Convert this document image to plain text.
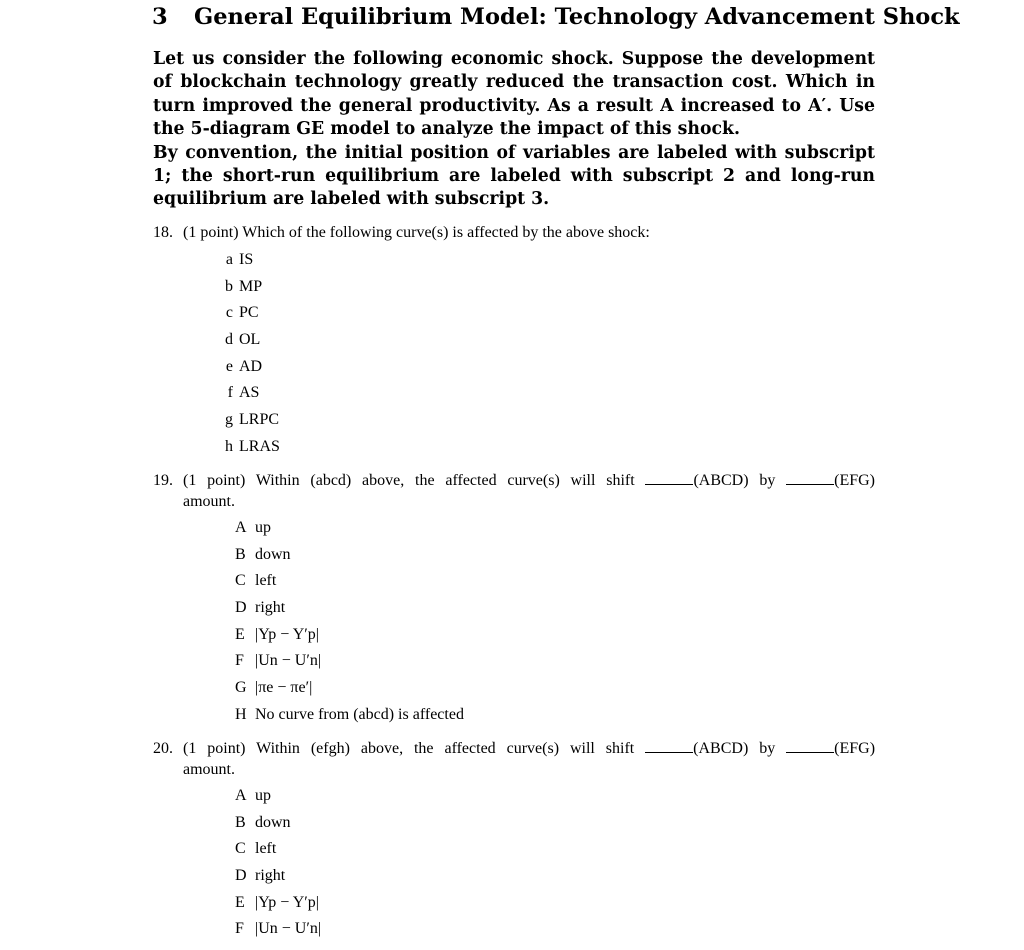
3 General Equilibrium Model: Technology Advancement Shock

Let us consider the following economic shock. Suppose the development of blockchain technology greatly reduced the transaction cost. Which in turn improved the general productivity. As a result A increased to A′. Use the 5-diagram GE model to analyze the impact of this shock.

By convention, the initial position of variables are labeled with subscript 1; the short-run equilibrium are labeled with subscript 2 and long-run equilibrium are labeled with subscript 3.

18. (1 point) Which of the following curve(s) is affected by the above shock:
a IS
b MP
c PC
d OL
e AD
f AS
g LRPC
h LRAS
19. (1 point) Within (abcd) above, the affected curve(s) will shift	(ABCD) by	(EFG)
amount.
A up
B down
C left
D right
E |Yp − Y′p|
F |Un − U′n|
G |πe − πe′|
H No curve from (abcd) is affected
20. (1 point) Within (efgh) above, the affected curve(s) will shift	(ABCD) by	(EFG)
amount.
A up
B down
C left
D right
E |Yp − Y′p|
F |Un − U′n|
